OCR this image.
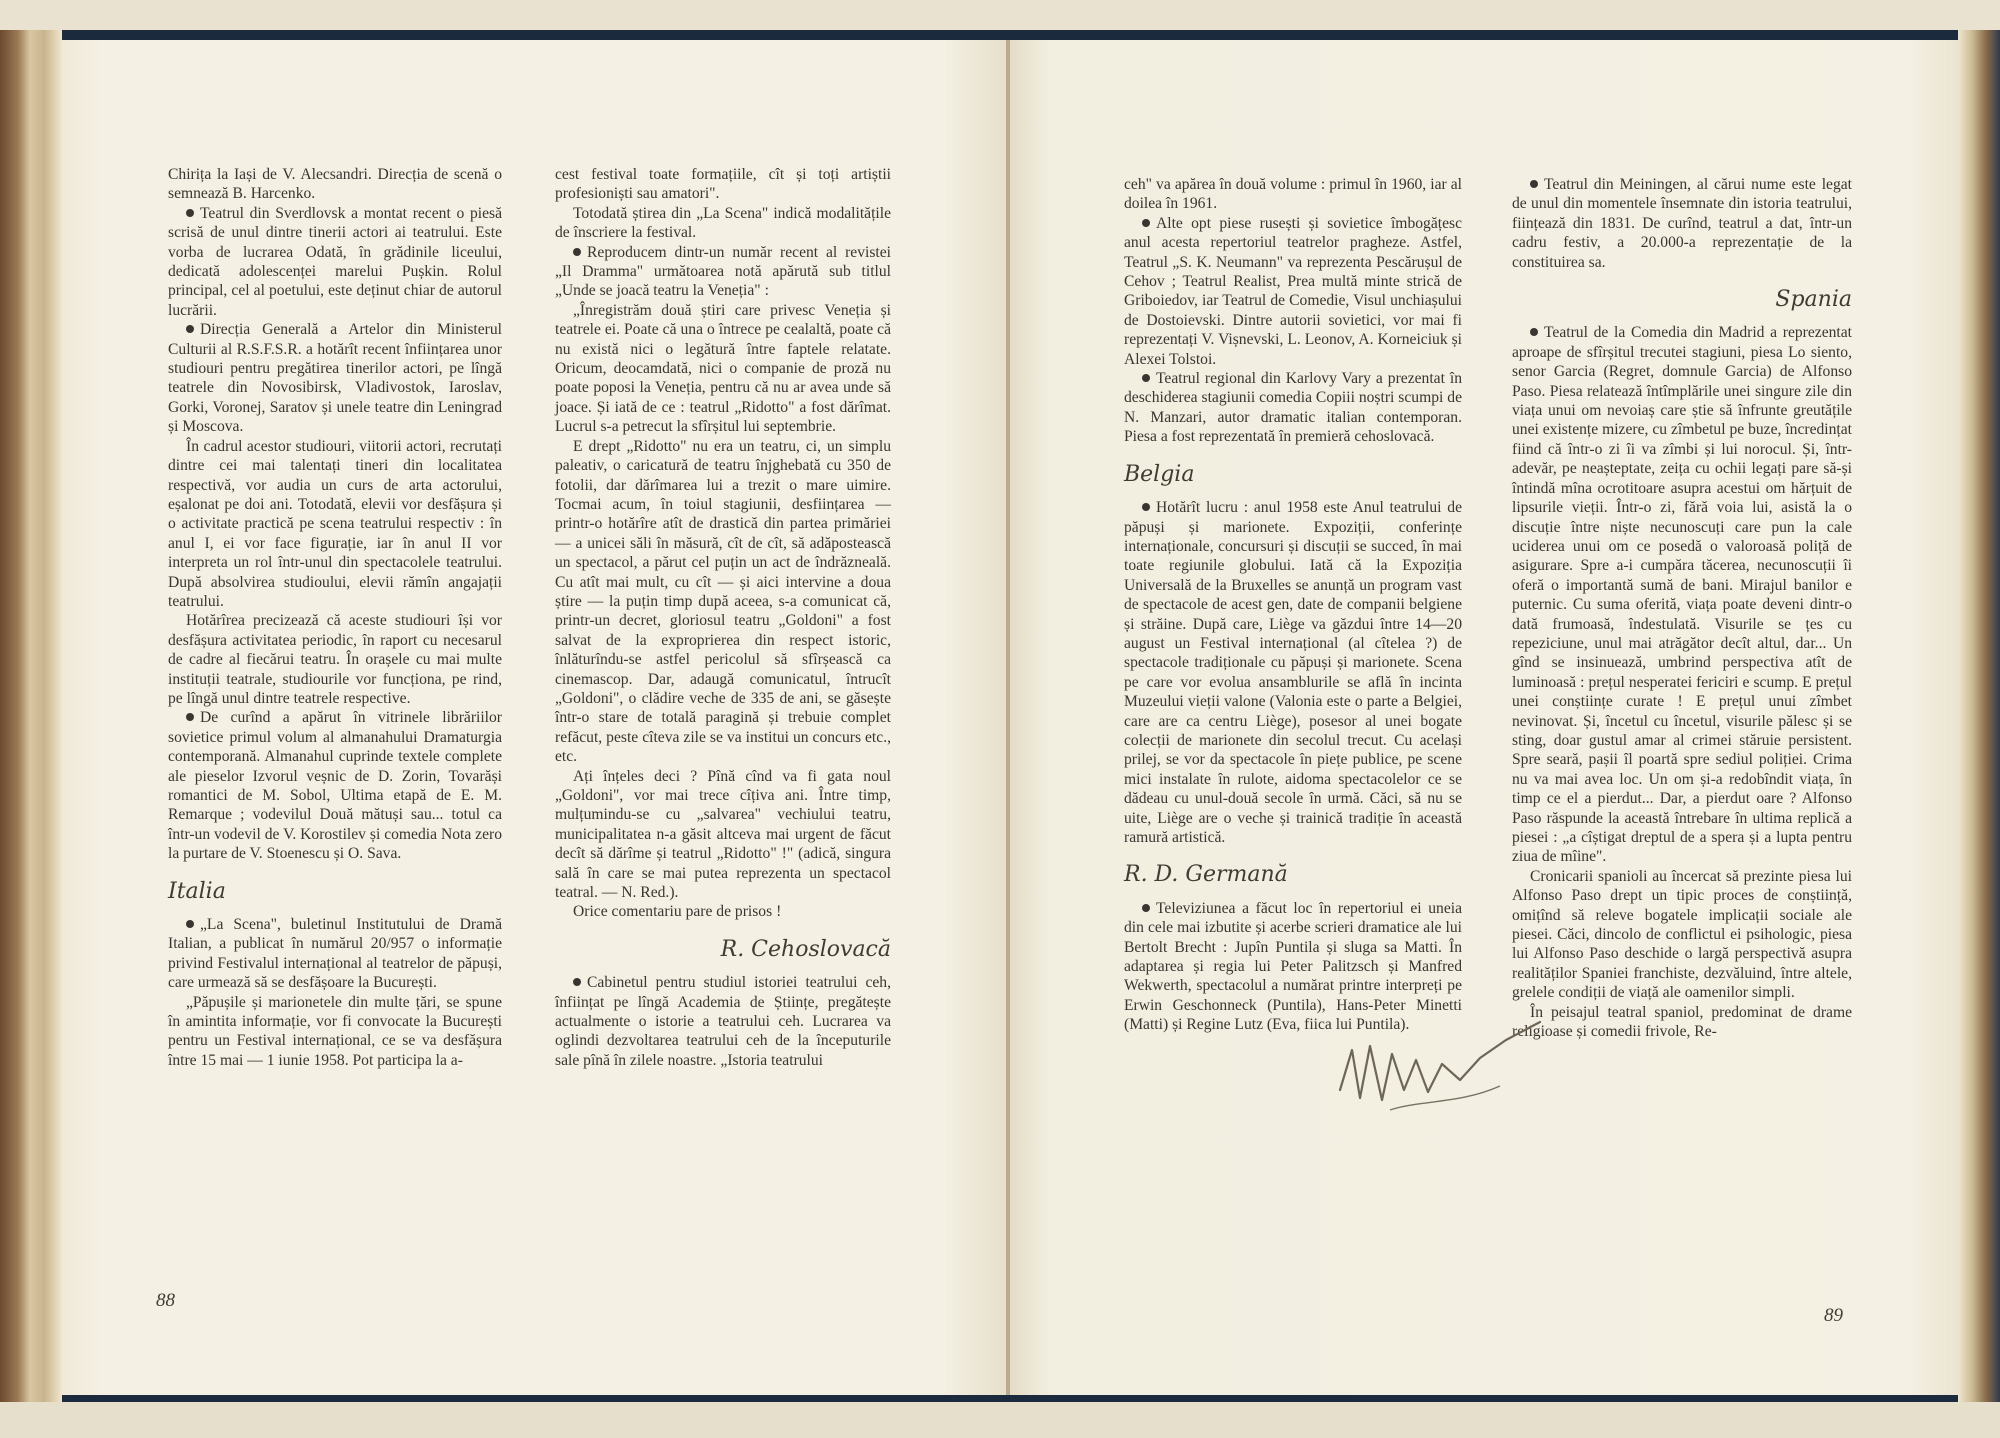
Chirița la Iași de V. Alecsandri. Direcția de scenă o semnează B. Harcenko.

Teatrul din Sverdlovsk a montat recent o piesă scrisă de unul dintre tinerii actori ai teatrului. Este vorba de lucrarea Odată, în grădinile liceului, dedicată adolescenței marelui Pușkin. Rolul principal, cel al poetului, este deținut chiar de autorul lucrării.

Direcția Generală a Artelor din Ministerul Culturii al R.S.F.S.R. a hotărît recent înființarea unor studiouri pentru pregătirea tinerilor actori, pe lîngă teatrele din Novosibirsk, Vladivostok, Iaroslav, Gorki, Voronej, Saratov și unele teatre din Leningrad și Moscova.

În cadrul acestor studiouri, viitorii actori, recrutați dintre cei mai talentați tineri din localitatea respectivă, vor audia un curs de arta actorului, eșalonat pe doi ani. Totodată, elevii vor desfășura și o activitate practică pe scena teatrului respectiv : în anul I, ei vor face figurație, iar în anul II vor interpreta un rol într-unul din spectacolele teatrului. După absolvirea studioului, elevii rămîn angajații teatrului.

Hotărîrea precizează că aceste studiouri își vor desfășura activitatea periodic, în raport cu necesarul de cadre al fiecărui teatru. În orașele cu mai multe instituții teatrale, studiourile vor funcționa, pe rind, pe lîngă unul dintre teatrele respective.

De curînd a apărut în vitrinele librăriilor sovietice primul volum al almanahului Dramaturgia contemporană. Almanahul cuprinde textele complete ale pieselor Izvorul veșnic de D. Zorin, Tovarăși romantici de M. Sobol, Ultima etapă de E. M. Remarque ; vodevilul Două mătuși sau... totul ca într-un vodevil de V. Korostilev și comedia Nota zero la purtare de V. Stoenescu și O. Sava.

Italia

„La Scena", buletinul Institutului de Dramă Italian, a publicat în numărul 20/957 o informație privind Festivalul internațional al teatrelor de păpuși, care urmează să se desfășoare la București.

„Păpușile și marionetele din multe țări, se spune în amintita informație, vor fi convocate la București pentru un Festival internațional, ce se va desfășura între 15 mai — 1 iunie 1958. Pot participa la a-

cest festival toate formațiile, cît și toți artiștii profesioniști sau amatori".

Totodată știrea din „La Scena" indică modalitățile de înscriere la festival.

Reproducem dintr-un număr recent al revistei „Il Dramma" următoarea notă apărută sub titlul „Unde se joacă teatru la Veneția" :

„Înregistrăm două știri care privesc Veneția și teatrele ei. Poate că una o întrece pe cealaltă, poate că nu există nici o legătură între faptele relatate. Oricum, deocamdată, nici o companie de proză nu poate poposi la Veneția, pentru că nu ar avea unde să joace. Și iată de ce : teatrul „Ridotto" a fost dărîmat. Lucrul s-a petrecut la sfîrșitul lui septembrie.

E drept „Ridotto" nu era un teatru, ci, un simplu paleativ, o caricatură de teatru înjghebată cu 350 de fotolii, dar dărîmarea lui a trezit o mare uimire. Tocmai acum, în toiul stagiunii, desființarea — printr-o hotărîre atît de drastică din partea primăriei — a unicei săli în măsură, cît de cît, să adăpostească un spectacol, a părut cel puțin un act de îndrăzneală. Cu atît mai mult, cu cît — și aici intervine a doua știre — la puțin timp după aceea, s-a comunicat că, printr-un decret, gloriosul teatru „Goldoni" a fost salvat de la exproprierea din respect istoric, înlăturîndu-se astfel pericolul să sfîrșească ca cinemascop. Dar, adaugă comunicatul, întrucît „Goldoni", o clădire veche de 335 de ani, se găsește într-o stare de totală paragină și trebuie complet refăcut, peste cîteva zile se va institui un concurs etc., etc.

Ați înțeles deci ? Pînă cînd va fi gata noul „Goldoni", vor mai trece cîțiva ani. Între timp, mulțumindu-se cu „salvarea" vechiului teatru, municipalitatea n-a găsit altceva mai urgent de făcut decît să dărîme și teatrul „Ridotto" !" (adică, singura sală în care se mai putea reprezenta un spectacol teatral. — N. Red.).

Orice comentariu pare de prisos !

R. Cehoslovacă

Cabinetul pentru studiul istoriei teatrului ceh, înființat pe lîngă Academia de Științe, pregătește actualmente o istorie a teatrului ceh. Lucrarea va oglindi dezvoltarea teatrului ceh de la începuturile sale pînă în zilele noastre. „Istoria teatrului

88

ceh" va apărea în două volume : primul în 1960, iar al doilea în 1961.

Alte opt piese rusești și sovietice îmbogățesc anul acesta repertoriul teatrelor pragheze. Astfel, Teatrul „S. K. Neumann" va reprezenta Pescărușul de Cehov ; Teatrul Realist, Prea multă minte strică de Griboiedov, iar Teatrul de Comedie, Visul unchiașului de Dostoievski. Dintre autorii sovietici, vor mai fi reprezentați V. Vișnevski, L. Leonov, A. Korneiciuk și Alexei Tolstoi.

Teatrul regional din Karlovy Vary a prezentat în deschiderea stagiunii comedia Copiii noștri scumpi de N. Manzari, autor dramatic italian contemporan. Piesa a fost reprezentată în premieră cehoslovacă.

Belgia

Hotărît lucru : anul 1958 este Anul teatrului de păpuși și marionete. Expoziții, conferințe internaționale, concursuri și discuții se succed, în mai toate regiunile globului. Iată că la Expoziția Universală de la Bruxelles se anunță un program vast de spectacole de acest gen, date de companii belgiene și străine. După care, Liège va găzdui între 14—20 august un Festival internațional (al cîtelea ?) de spectacole tradiționale cu păpuși și marionete. Scena pe care vor evolua ansamblurile se află în incinta Muzeului vieții valone (Valonia este o parte a Belgiei, care are ca centru Liège), posesor al unei bogate colecții de marionete din secolul trecut. Cu același prilej, se vor da spectacole în piețe publice, pe scene mici instalate în rulote, aidoma spectacolelor ce se dădeau cu unul-două secole în urmă. Căci, să nu se uite, Liège are o veche și trainică tradiție în această ramură artistică.

R. D. Germană

Televiziunea a făcut loc în repertoriul ei uneia din cele mai izbutite și acerbe scrieri dramatice ale lui Bertolt Brecht : Jupîn Puntila și sluga sa Matti. În adaptarea și regia lui Peter Palitzsch și Manfred Wekwerth, spectacolul a numărat printre interpreți pe Erwin Geschonneck (Puntila), Hans-Peter Minetti (Matti) și Regine Lutz (Eva, fiica lui Puntila).

Teatrul din Meiningen, al cărui nume este legat de unul din momentele însemnate din istoria teatrului, ființează din 1831. De curînd, teatrul a dat, într-un cadru festiv, a 20.000-a reprezentație de la constituirea sa.

Spania

Teatrul de la Comedia din Madrid a reprezentat aproape de sfîrșitul trecutei stagiuni, piesa Lo siento, senor Garcia (Regret, domnule Garcia) de Alfonso Paso. Piesa relatează întîmplările unei singure zile din viața unui om nevoiaș care știe să înfrunte greutățile unei existențe mizere, cu zîmbetul pe buze, încredințat fiind că într-o zi îi va zîmbi și lui norocul. Și, într-adevăr, pe neașteptate, zeița cu ochii legați pare să-și întindă mîna ocrotitoare asupra acestui om hărțuit de lipsurile vieții. Într-o zi, fără voia lui, asistă la o discuție între niște necunoscuți care pun la cale uciderea unui om ce posedă o valoroasă poliță de asigurare. Spre a-i cumpăra tăcerea, necunoscuții îi oferă o importantă sumă de bani. Mirajul banilor e puternic. Cu suma oferită, viața poate deveni dintr-o dată frumoasă, îndestulată. Visurile se țes cu repeziciune, unul mai atrăgător decît altul, dar... Un gînd se insinuează, umbrind perspectiva atît de luminoasă : prețul nesperatei fericiri e scump. E prețul unei conștiințe curate ! E prețul unui zîmbet nevinovat. Și, încetul cu încetul, visurile pălesc și se sting, doar gustul amar al crimei stăruie persistent. Spre seară, pașii îl poartă spre sediul poliției. Crima nu va mai avea loc. Un om și-a redobîndit viața, în timp ce el a pierdut... Dar, a pierdut oare ? Alfonso Paso răspunde la această întrebare în ultima replică a piesei : „a cîștigat dreptul de a spera și a lupta pentru ziua de mîine".

Cronicarii spanioli au încercat să prezinte piesa lui Alfonso Paso drept un tipic proces de conștiință, omițînd să releve bogatele implicații sociale ale piesei. Căci, dincolo de conflictul ei psihologic, piesa lui Alfonso Paso deschide o largă perspectivă asupra realităților Spaniei franchiste, dezvăluind, între altele, grelele condiții de viață ale oamenilor simpli.

În peisajul teatral spaniol, predominat de drame religioase și comedii frivole, Re-

89
